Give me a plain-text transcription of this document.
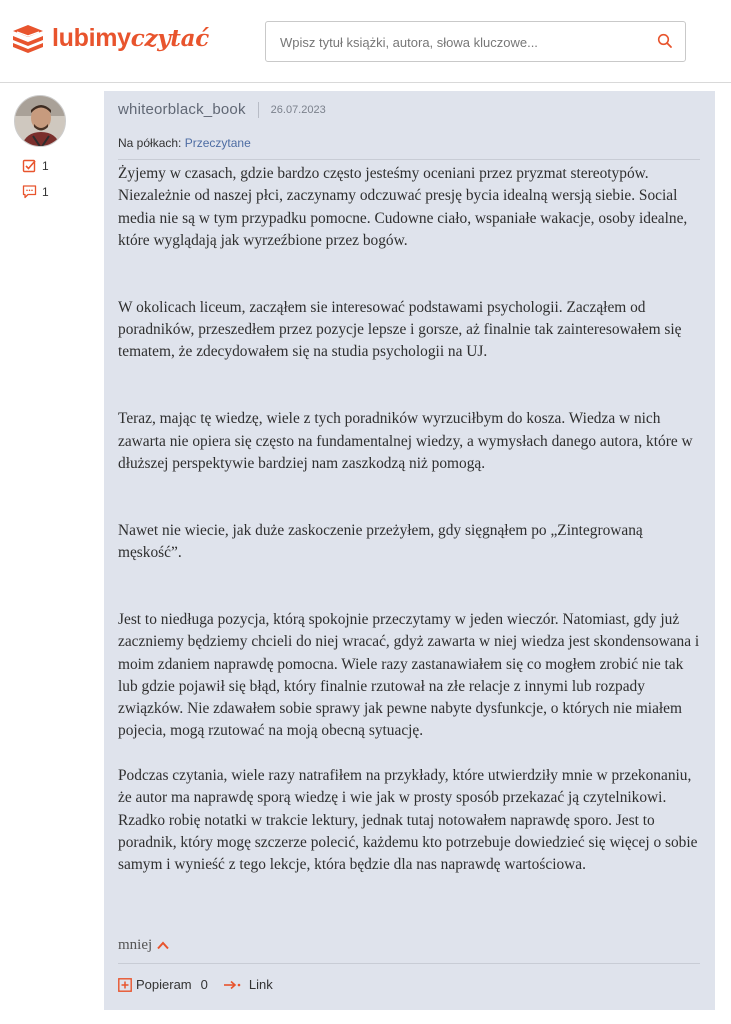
lubimyczytać
Wpisz tytuł książki, autora, słowa kluczowe...
1
1
whiteorblack_book 26.07.2023
Na półkach: Przeczytane

Żyjemy w czasach, gdzie bardzo często jesteśmy oceniani przez pryzmat stereotypów. Niezależnie od naszej płci, zaczynamy odczuwać presję bycia idealną wersją siebie. Social media nie są w tym przypadku pomocne. Cudowne ciało, wspaniałe wakacje, osoby idealne, które wyglądają jak wyrzeźbione przez bogów.

W okolicach liceum, zacząłem sie interesować podstawami psychologii. Zacząłem od poradników, przeszedłem przez pozycje lepsze i gorsze, aż finalnie tak zainteresowałem się tematem, że zdecydowałem się na studia psychologii na UJ.

Teraz, mając tę wiedzę, wiele z tych poradników wyrzuciłbym do kosza. Wiedza w nich zawarta nie opiera się często na fundamentalnej wiedzy, a wymysłach danego autora, które w dłuższej perspektywie bardziej nam zaszkodzą niż pomogą.

Nawet nie wiecie, jak duże zaskoczenie przeżyłem, gdy sięgnąłem po „Zintegrowaną męskość”.

Jest to niedługa pozycja, którą spokojnie przeczytamy w jeden wieczór. Natomiast, gdy już zaczniemy będziemy chcieli do niej wracać, gdyż zawarta w niej wiedza jest skondensowana i moim zdaniem naprawdę pomocna. Wiele razy zastanawiałem się co mogłem zrobić nie tak lub gdzie pojawił się błąd, który finalnie rzutował na złe relacje z innymi lub rozpady związków. Nie zdawałem sobie sprawy jak pewne nabyte dysfunkcje, o których nie miałem pojecia, mogą rzutować na moją obecną sytuację.

Podczas czytania, wiele razy natrafiłem na przykłady, które utwierdziły mnie w przekonaniu, że autor ma naprawdę sporą wiedzę i wie jak w prosty sposób przekazać ją czytelnikowi. Rzadko robię notatki w trakcie lektury, jednak tutaj notowałem naprawdę sporo. Jest to poradnik, który mogę szczerze polecić, każdemu kto potrzebuje dowiedzieć się więcej o sobie samym i wynieść z tego lekcje, która będzie dla nas naprawdę wartościowa.

mniej
Popieram 0	Link
